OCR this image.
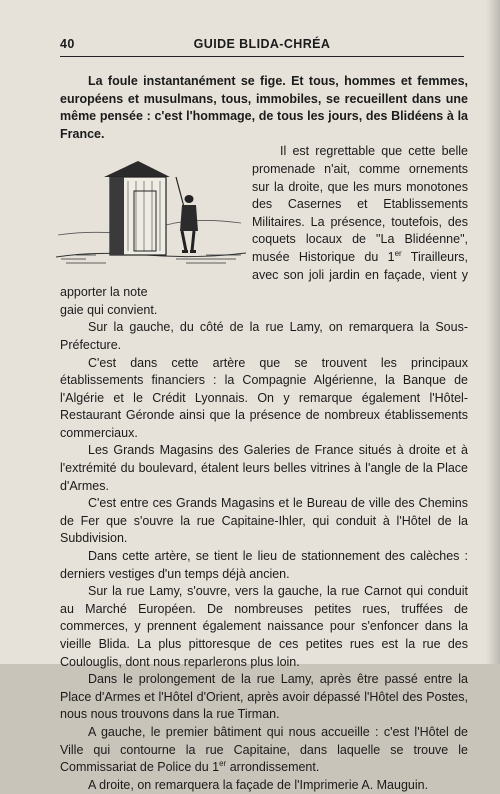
40	GUIDE BLIDA-CHRÉA

La foule instantanément se fige. Et tous, hommes et femmes, européens et musulmans, tous, immobiles, se recueillent dans une même pensée : c'est l'hommage, de tous les jours, des Blidéens à la France.

Il est regrettable que cette belle promenade n'ait, comme ornements sur la droite, que les murs monotones des Casernes et Etablissements Militaires. La présence, toutefois, des coquets locaux de "La Blidéenne", musée Historique du 1er Tirailleurs, avec son joli jardin en façade, vient y apporter la note

gaie qui convient.

Sur la gauche, du côté de la rue Lamy, on remarquera la Sous-Préfecture.

C'est dans cette artère que se trouvent les principaux établissements financiers : la Compagnie Algérienne, la Banque de l'Algérie et le Crédit Lyonnais. On y remarque également l'Hôtel-Restaurant Géronde ainsi que la présence de nombreux établissements commerciaux.

Les Grands Magasins des Galeries de France situés à droite et à l'extrémité du boulevard, étalent leurs belles vitrines à l'angle de la Place d'Armes.

C'est entre ces Grands Magasins et le Bureau de ville des Chemins de Fer que s'ouvre la rue Capitaine-Ihler, qui conduit à l'Hôtel de la Subdivision.

Dans cette artère, se tient le lieu de stationnement des calèches : derniers vestiges d'un temps déjà ancien.

Sur la rue Lamy, s'ouvre, vers la gauche, la rue Carnot qui conduit au Marché Européen. De nombreuses petites rues, truffées de commerces, y prennent également naissance pour s'enfoncer dans la vieille Blida. La plus pittoresque de ces petites rues est la rue des Coulouglis, dont nous reparlerons plus loin.

Dans le prolongement de la rue Lamy, après être passé entre la Place d'Armes et l'Hôtel d'Orient, après avoir dépassé l'Hôtel des Postes, nous nous trouvons dans la rue Tirman.

A gauche, le premier bâtiment qui nous accueille : c'est l'Hôtel de Ville qui contourne la rue Capitaine, dans laquelle se trouve le Commissariat de Police du 1er arrondissement.

A droite, on remarquera la façade de l'Imprimerie A. Mauguin.
